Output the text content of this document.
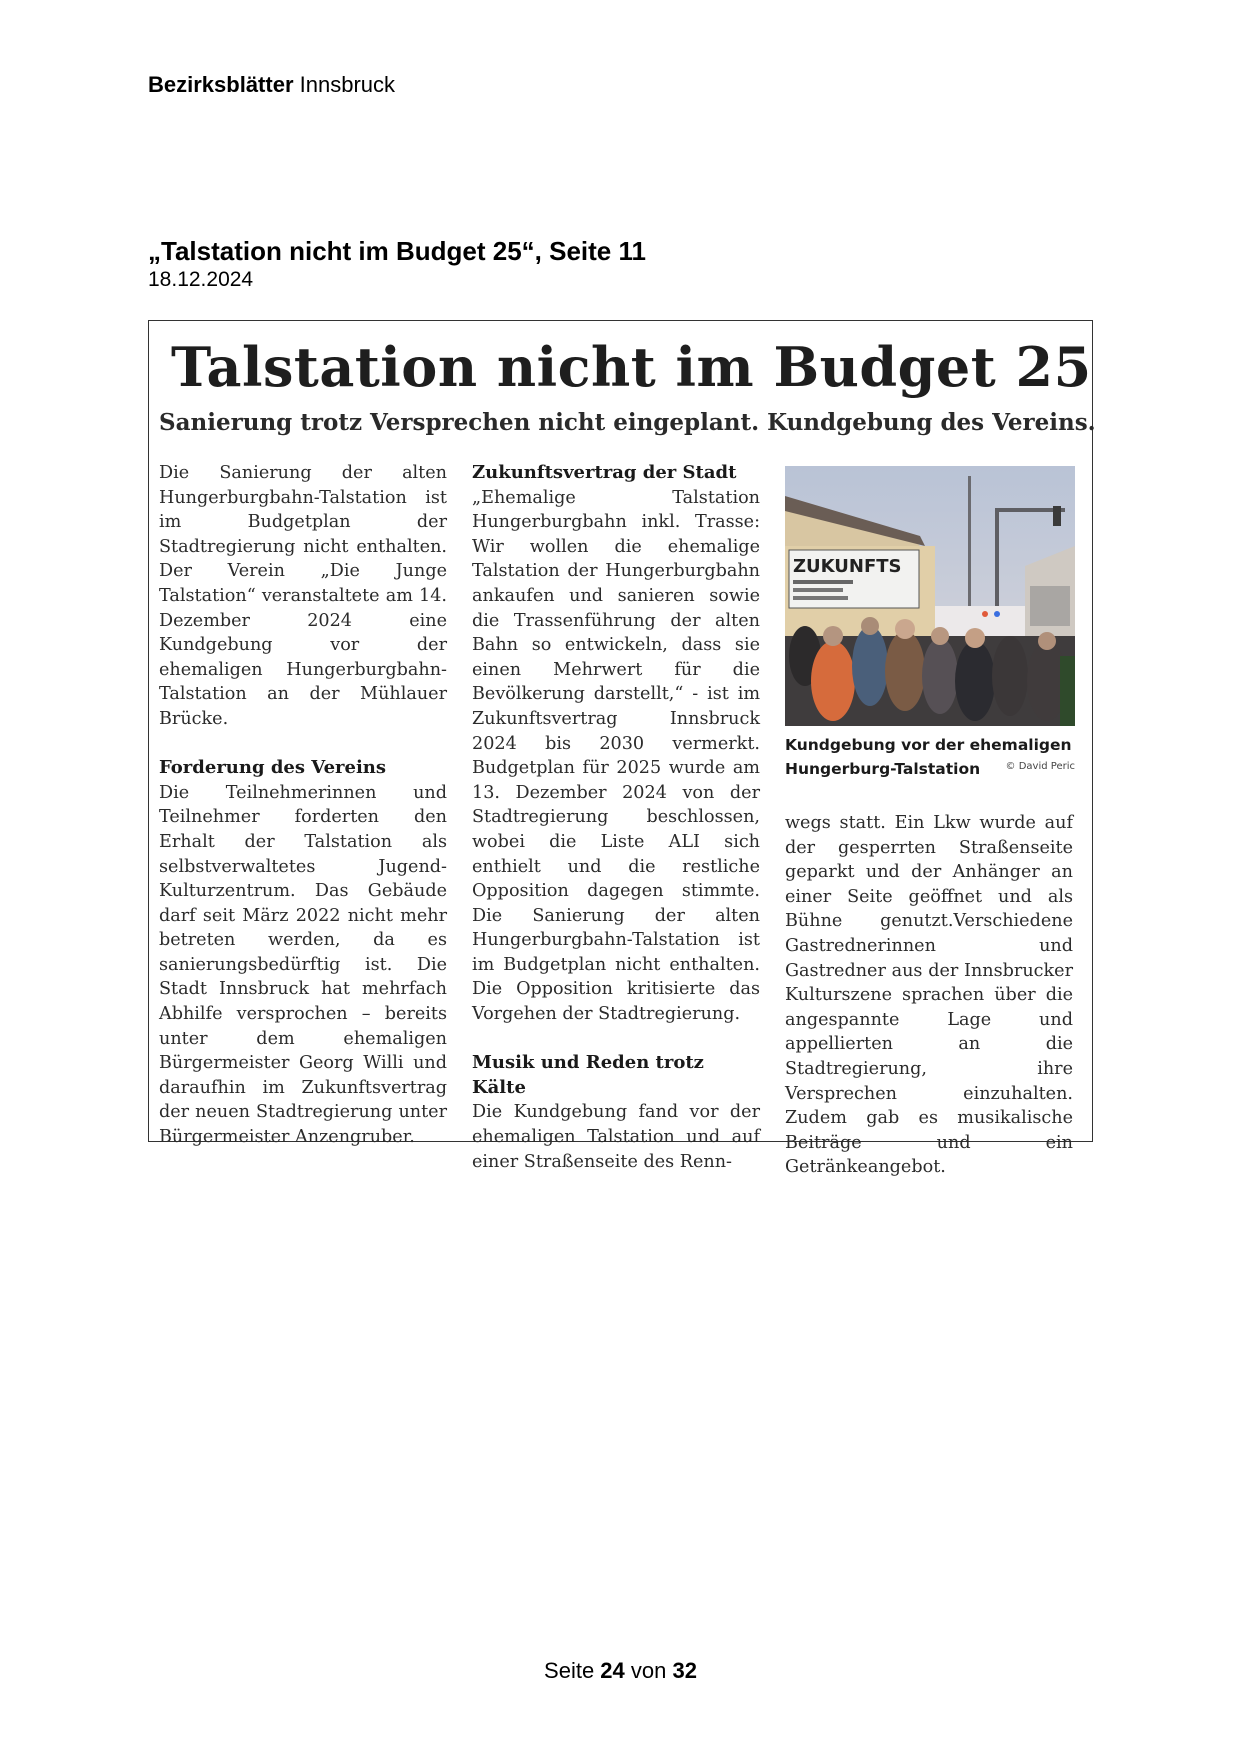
Bezirksblätter Innsbruck
„Talstation nicht im Budget 25“, Seite 11
18.12.2024
Talstation nicht im Budget 25
Sanierung trotz Versprechen nicht eingeplant. Kundgebung des Vereins.

Die Sanierung der alten Hungerburgbahn-Talstation ist im Budgetplan der Stadtregierung nicht enthalten. Der Verein „Die Junge Talstation“ veranstaltete am 14. Dezember 2024 eine Kundgebung vor der ehemaligen Hungerburgbahn-Talstation an der Mühlauer Brücke.

Forderung des Vereins

Die Teilnehmerinnen und Teilnehmer forderten den Erhalt der Talstation als selbstverwaltetes Jugend-Kulturzentrum. Das Gebäude darf seit März 2022 nicht mehr betreten werden, da es sanierungsbedürftig ist. Die Stadt Innsbruck hat mehrfach Abhilfe versprochen – bereits unter dem ehemaligen Bürgermeister Georg Willi und daraufhin im Zukunftsvertrag der neuen Stadtregierung unter Bürgermeister Anzengruber.

Zukunftsvertrag der Stadt

„Ehemalige Talstation Hungerburgbahn inkl. Trasse: Wir wollen die ehemalige Talstation der Hungerburgbahn ankaufen und sanieren sowie die Trassenführung der alten Bahn so entwickeln, dass sie einen Mehrwert für die Bevölkerung darstellt,“ - ist im Zukunftsvertrag Innsbruck 2024 bis 2030 vermerkt. Budgetplan für 2025 wurde am 13. Dezember 2024 von der Stadtregierung beschlossen, wobei die Liste ALI sich enthielt und die restliche Opposition dagegen stimmte. Die Sanierung der alten Hungerburgbahn-Talstation ist im Budgetplan nicht enthalten. Die Opposition kritisierte das Vorgehen der Stadtregierung.

Musik und Reden trotz Kälte

Die Kundgebung fand vor der ehemaligen Talstation und auf einer Straßenseite des Renn-

ZUKUNFTS
Kundgebung vor der ehemaligen Hungerburg-Talstation	© David Peric

wegs statt. Ein Lkw wurde auf der gesperrten Straßenseite geparkt und der Anhänger an einer Seite geöffnet und als Bühne genutzt.Verschiedene Gastrednerinnen und Gastredner aus der Innsbrucker Kulturszene sprachen über die angespannte Lage und appellierten an die Stadtregierung, ihre Versprechen einzuhalten. Zudem gab es musikalische Beiträge und ein Getränkeangebot.

Seite 24 von 32
